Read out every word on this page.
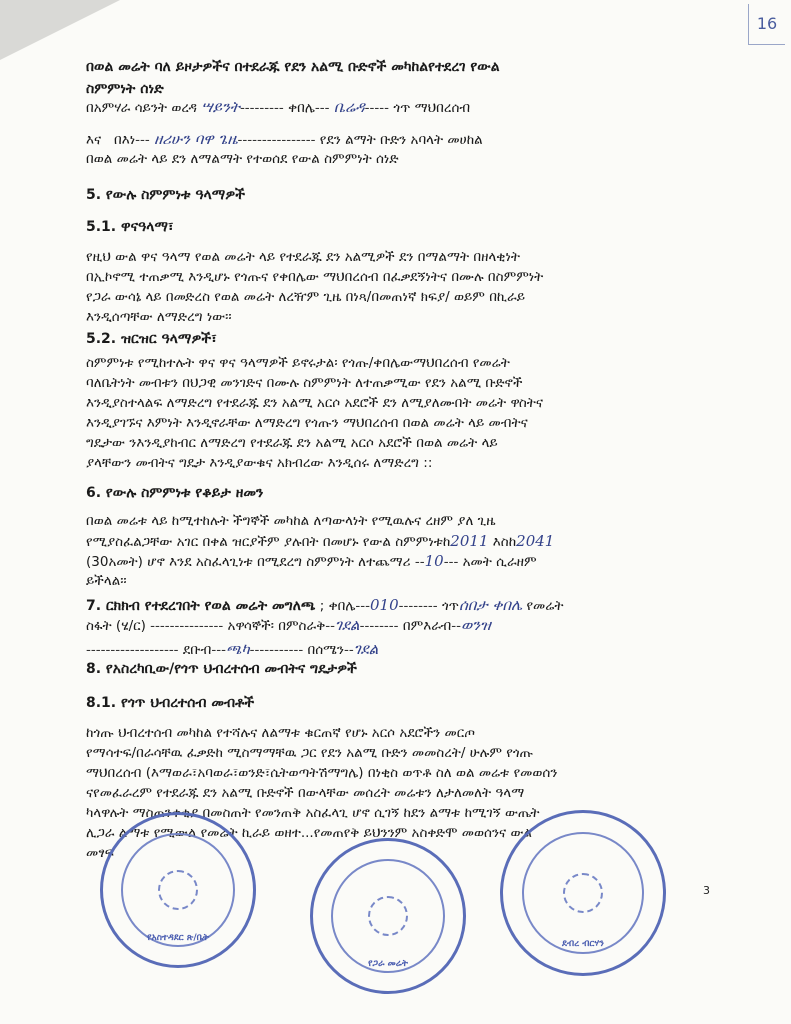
16
በወል መሬት ባለ ይዞታዎችና በተደራጁ የደን አልሚ ቡድኖች መካከልየተደረገ የውል
ስምምነት ሰነድ
በአምሃራ ሳይንት ወረዳ ሣይንት--------- ቀበሌ--- ቤሬዳ----- ጎጥ ማህበረሰብ
እና በእነ--- ዘሪሁን ባዋ ጌዜ---------------- የደን ልማት ቡድን አባላት መሀከል
በወል መሬት ላይ ደን ለማልማት የተወሰደ የውል ስምምነት ሰነድ
5. የውሉ ስምምነቱ ዓላማዎች
5.1. ዋናዓላማ፣
የዚህ ውል ዋና ዓላማ የወል መሬት ላይ የተደራጁ ደን አልሚዎች ደን በማልማት በዘላቂነት
በኢኮኖሚ ተጠቃሚ እንዲሆኑ የጎጡና የቀበሌው ማህበረሰብ በፈቃደኝነትና በሙሉ በስምምነት
የጋራ ውሳኔ ላይ በመድረስ የወል መሬት ለረዥም ጊዜ በነጻ/በመጠነኛ ክፍያ/ ወይም በኪራይ
እንዲሰጣቸው ለማድረግ ነው፡፡
5.2. ዝርዝር ዓላማዎች፣
ስምምነቱ የሚከተሉት ዋና ዋና ዓላማዎች ይኖሩታል፡ የጎጡ/ቀበሌውማህበረሰብ የመሬት
ባለቤትነት መብቱን በህጋዊ መንገድና በሙሉ ስምምነት ለተጠቃሚው የደን አልሚ ቡድኖች
እንዲያስተላልፍ ለማድረግ የተደራጁ ደን አልሚ አርሶ አደሮች ደን ለሚያለሙበት መሬት ዋስትና
እንዲያገኙና እምነት እንዲኖራቸው ለማድረግ የጎጡን ማህበረሰብ በወል መሬት ላይ መብትና
ግዴታው ንእንዲያከብር ለማድረግ የተደራጁ ደን አልሚ አርሶ አደሮች በወል መሬት ላይ
ያላቸውን መብትና ግዴታ እንዲያውቁና አክብረው እንዲሰሩ ለማድረግ ::
6. የውሉ ስምምነቱ የቆይታ ዘመን
በወል መሬቱ ላይ ከሚተከሉት ችግኞች መካከል ለጣውላነት የሚዉሉና ረዘም ያለ ጊዜ
የሚያስፈልጋቸው አገር በቀል ዝርያችም ያሉበት በመሆኑ የውል ስምምነቱከ2011 እስከ2041
(30አመት) ሆኖ እንደ አስፈላጊነቱ በሚደረግ ስምምነት ለተጨማሪ --10--- አመት ሲራዘም
ይችላል፡፡
7. ርክክብ የተደረገበት የወል መሬት መግለጫ ; ቀበሌ---010-------- ጎጥሰበታ ቀበሌ የመሬት
ስፋት (ሄ/ር) --------------- አዋሳኞች፡ በምስራቅ--ገደል-------- በምእራብ--ወንዝ
------------------- ደቡብ---ጫካ----------- በሰሜን--ገደል
8. የአስረካቢው/የጎጥ ህብረተሰብ መብትና ግዴታዎች
8.1. የጎጥ ህብረተሰብ መብቶች
ከጎጡ ህብረተሰብ መካከል የተሻሉና ለልማቱ ቁርጠኛ የሆኑ አርሶ አደሮችን መርጦ
የማሳተፍ/በራሳቸዉ ፈቃድከ ሚስማማቸዉ ጋር የደን አልሚ ቡድን መመስረት/ ሁሉም የጎጡ
ማህበረሰብ (እማወራ፣አባወራ፣ወንድ፣ሴትወጣትሽማግሌ) በነቂስ ወጥቶ ስለ ወል መሬቱ የመወሰን
ናየመፈራረም የተደራጁ ደን አልሚ ቡድኖች በውላቸው መሰረት መሬቱን ለታለመለት ዓላማ
ካላዋሉት ማስጠንቀቂያ በመስጠት የመንጠቅ አስፈላጊ ሆኖ ሲገኝ ከደን ልማቱ ከሚገኝ ውጤት
ሊጋራ ልማቱ የሚውል የመሬት ኪራይ ወዘተ...የመጠየቅ ይህንንም አስቀድሞ መወሰንና ውል
መፃፍ
የአስተዳደር ጽ/ቤት
የጋራ መሬት
ደብረ ብርሃን
3
